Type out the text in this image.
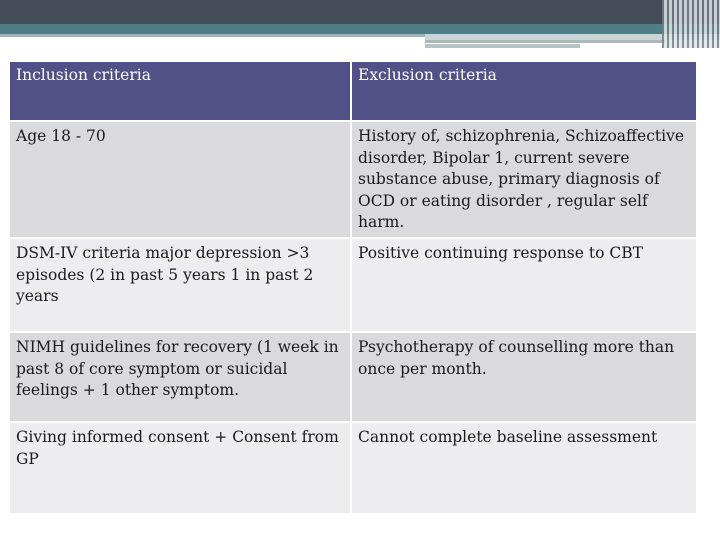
Inclusion criteria	Exclusion criteria
Age 18 - 70	History of, schizophrenia, Schizoaffective disorder, Bipolar 1, current severe substance abuse, primary diagnosis of OCD or eating disorder , regular self harm.
DSM-IV criteria major depression >3 episodes (2 in past 5 years 1 in past 2 years	Positive continuing response to CBT
NIMH guidelines for recovery (1 week in past 8 of core symptom or suicidal feelings + 1 other symptom.	Psychotherapy of counselling more than once per month.
Giving informed consent + Consent from GP	Cannot complete baseline assessment
